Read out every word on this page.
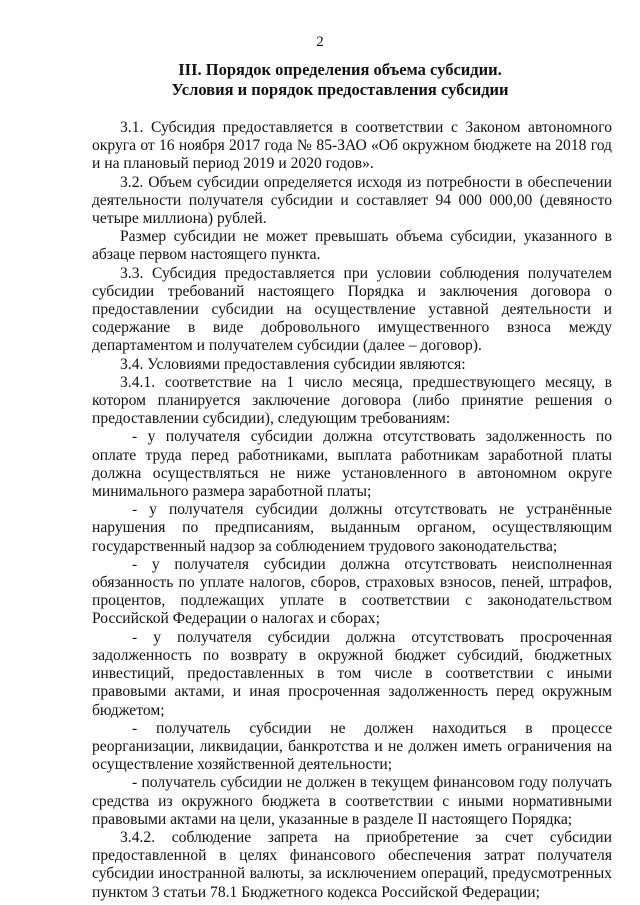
2
III. Порядок определения объема субсидии.
Условия и порядок предоставления субсидии

3.1. Субсидия предоставляется в соответствии с Законом автономного округа от 16 ноября 2017 года № 85-ЗАО «Об окружном бюджете на 2018 год и на плановый период 2019 и 2020 годов».

3.2. Объем субсидии определяется исходя из потребности в обеспечении деятельности получателя субсидии и составляет 94 000 000,00 (девяносто четыре миллиона) рублей.

Размер субсидии не может превышать объема субсидии, указанного в абзаце первом настоящего пункта.

3.3. Субсидия предоставляется при условии соблюдения получателем субсидии требований настоящего Порядка и заключения договора о предоставлении субсидии на осуществление уставной деятельности и содержание в виде добровольного имущественного взноса между департаментом и получателем субсидии (далее – договор).

3.4. Условиями предоставления субсидии являются:

3.4.1. соответствие на 1 число месяца, предшествующего месяцу, в котором планируется заключение договора (либо принятие решения о предоставлении субсидии), следующим требованиям:

- у получателя субсидии должна отсутствовать задолженность по оплате труда перед работниками, выплата работникам заработной платы должна осуществляться не ниже установленного в автономном округе минимального размера заработной платы;

- у получателя субсидии должны отсутствовать не устранённые нарушения по предписаниям, выданным органом, осуществляющим государственный надзор за соблюдением трудового законодательства;

- у получателя субсидии должна отсутствовать неисполненная обязанность по уплате налогов, сборов, страховых взносов, пеней, штрафов, процентов, подлежащих уплате в соответствии с законодательством Российской Федерации о налогах и сборах;

- у получателя субсидии должна отсутствовать просроченная задолженность по возврату в окружной бюджет субсидий, бюджетных инвестиций, предоставленных в том числе в соответствии с иными правовыми актами, и иная просроченная задолженность перед окружным бюджетом;

- получатель субсидии не должен находиться в процессе реорганизации, ликвидации, банкротства и не должен иметь ограничения на осуществление хозяйственной деятельности;

- получатель субсидии не должен в текущем финансовом году получать средства из окружного бюджета в соответствии с иными нормативными правовыми актами на цели, указанные в разделе II настоящего Порядка;

3.4.2. соблюдение запрета на приобретение за счет субсидии предоставленной в целях финансового обеспечения затрат получателя субсидии иностранной валюты, за исключением операций, предусмотренных пунктом 3 статьи 78.1 Бюджетного кодекса Российской Федерации;
